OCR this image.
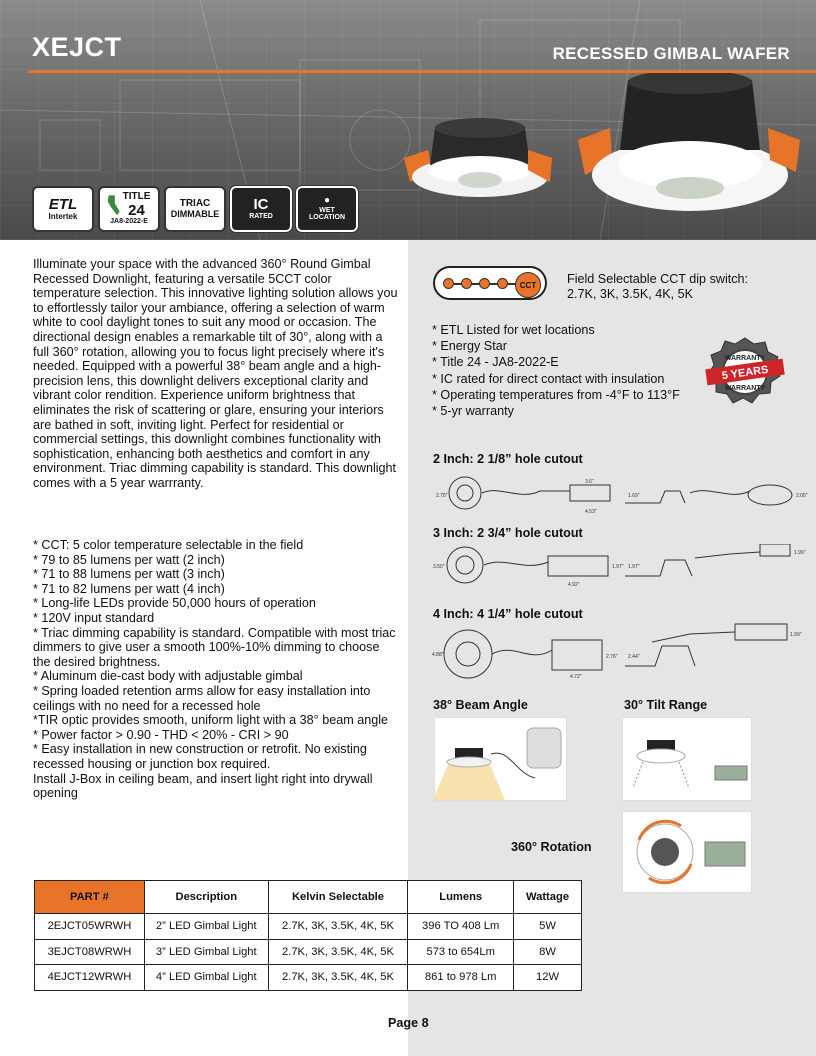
XEJCT	RECESSED GIMBAL WAFER
ETL
Intertek
TITLE
24
JA8-2022-E
TRIAC
DIMMABLE
IC
RATED
●
WET
LOCATION
Illuminate your space with the advanced 360° Round Gimbal Recessed Downlight, featuring a versatile 5CCT color temperature selection. This innovative lighting solution allows you to effortlessly tailor your ambiance, offering a selection of warm white to cool daylight tones to suit any mood or occasion. The directional design enables a remarkable tilt of 30°, along with a full 360° rotation, allowing you to focus light precisely where it's needed. Equipped with a powerful 38° beam angle and a high-precision lens, this downlight delivers exceptional clarity and vibrant color rendition. Experience uniform brightness that eliminates the risk of scattering or glare, ensuring your interiors are bathed in soft, inviting light. Perfect for residential or commercial settings, this downlight combines functionality with sophistication, enhancing both aesthetics and comfort in any environment. Triac dimming capability is standard. This downlight comes with a 5 year warrranty.
* CCT: 5 color temperature selectable in the field
* 79 to 85 lumens per watt (2 inch)
* 71 to 88 lumens per watt (3 inch)
* 71 to 82 lumens per watt (4 inch)
* Long-life LEDs provide 50,000 hours of operation
* 120V input standard
* Triac dimming capability is standard. Compatible with most triac dimmers to give user a smooth 100%-10% dimming to choose the desired brightness.
* Aluminum die-cast body with adjustable gimbal
* Spring loaded retention arms allow for easy installation into ceilings with no need for a recessed hole
*TIR optic provides smooth, uniform light with a 38° beam angle
* Power factor > 0.90 - THD < 20% - CRI > 90
* Easy installation in new construction or retrofit. No existing recessed housing or junction box required.
Install J-Box in ceiling beam, and insert light right into drywall opening
CCT	Field Selectable CCT dip switch:
2.7K, 3K, 3.5K, 4K, 5K
* ETL Listed for wet locations
* Energy Star
* Title 24 - JA8-2022-E
* IC rated for direct contact with insulation
* Operating temperatures from -4°F to 113°F
* 5-yr warranty
WARRANTY
5 YEARS
WARRANTY
2 Inch: 2 1/8” hole cutout
2.75"
3.6"
4.53"
1.69"	2.05"
3 Inch: 2 3/4” hole cutout
3.50"	1.97"
4.92"
1.97"
1.99"
4 Inch: 4 1/4” hole cutout
4.88"	2.76"
4.72"
2.44"
1.99"
38° Beam Angle	30° Tilt Range
360° Rotation
PART #	Description	Kelvin Selectable	Lumens	Wattage
2EJCT05WRWH	2” LED Gimbal Light	2.7K, 3K, 3.5K, 4K, 5K	396 TO 408 Lm	5W
3EJCT08WRWH	3” LED Gimbal Light	2.7K, 3K, 3.5K, 4K, 5K	573 to 654Lm	8W
4EJCT12WRWH	4” LED Gimbal Light	2.7K, 3K, 3.5K, 4K, 5K	861 to 978 Lm	12W
Page 8
